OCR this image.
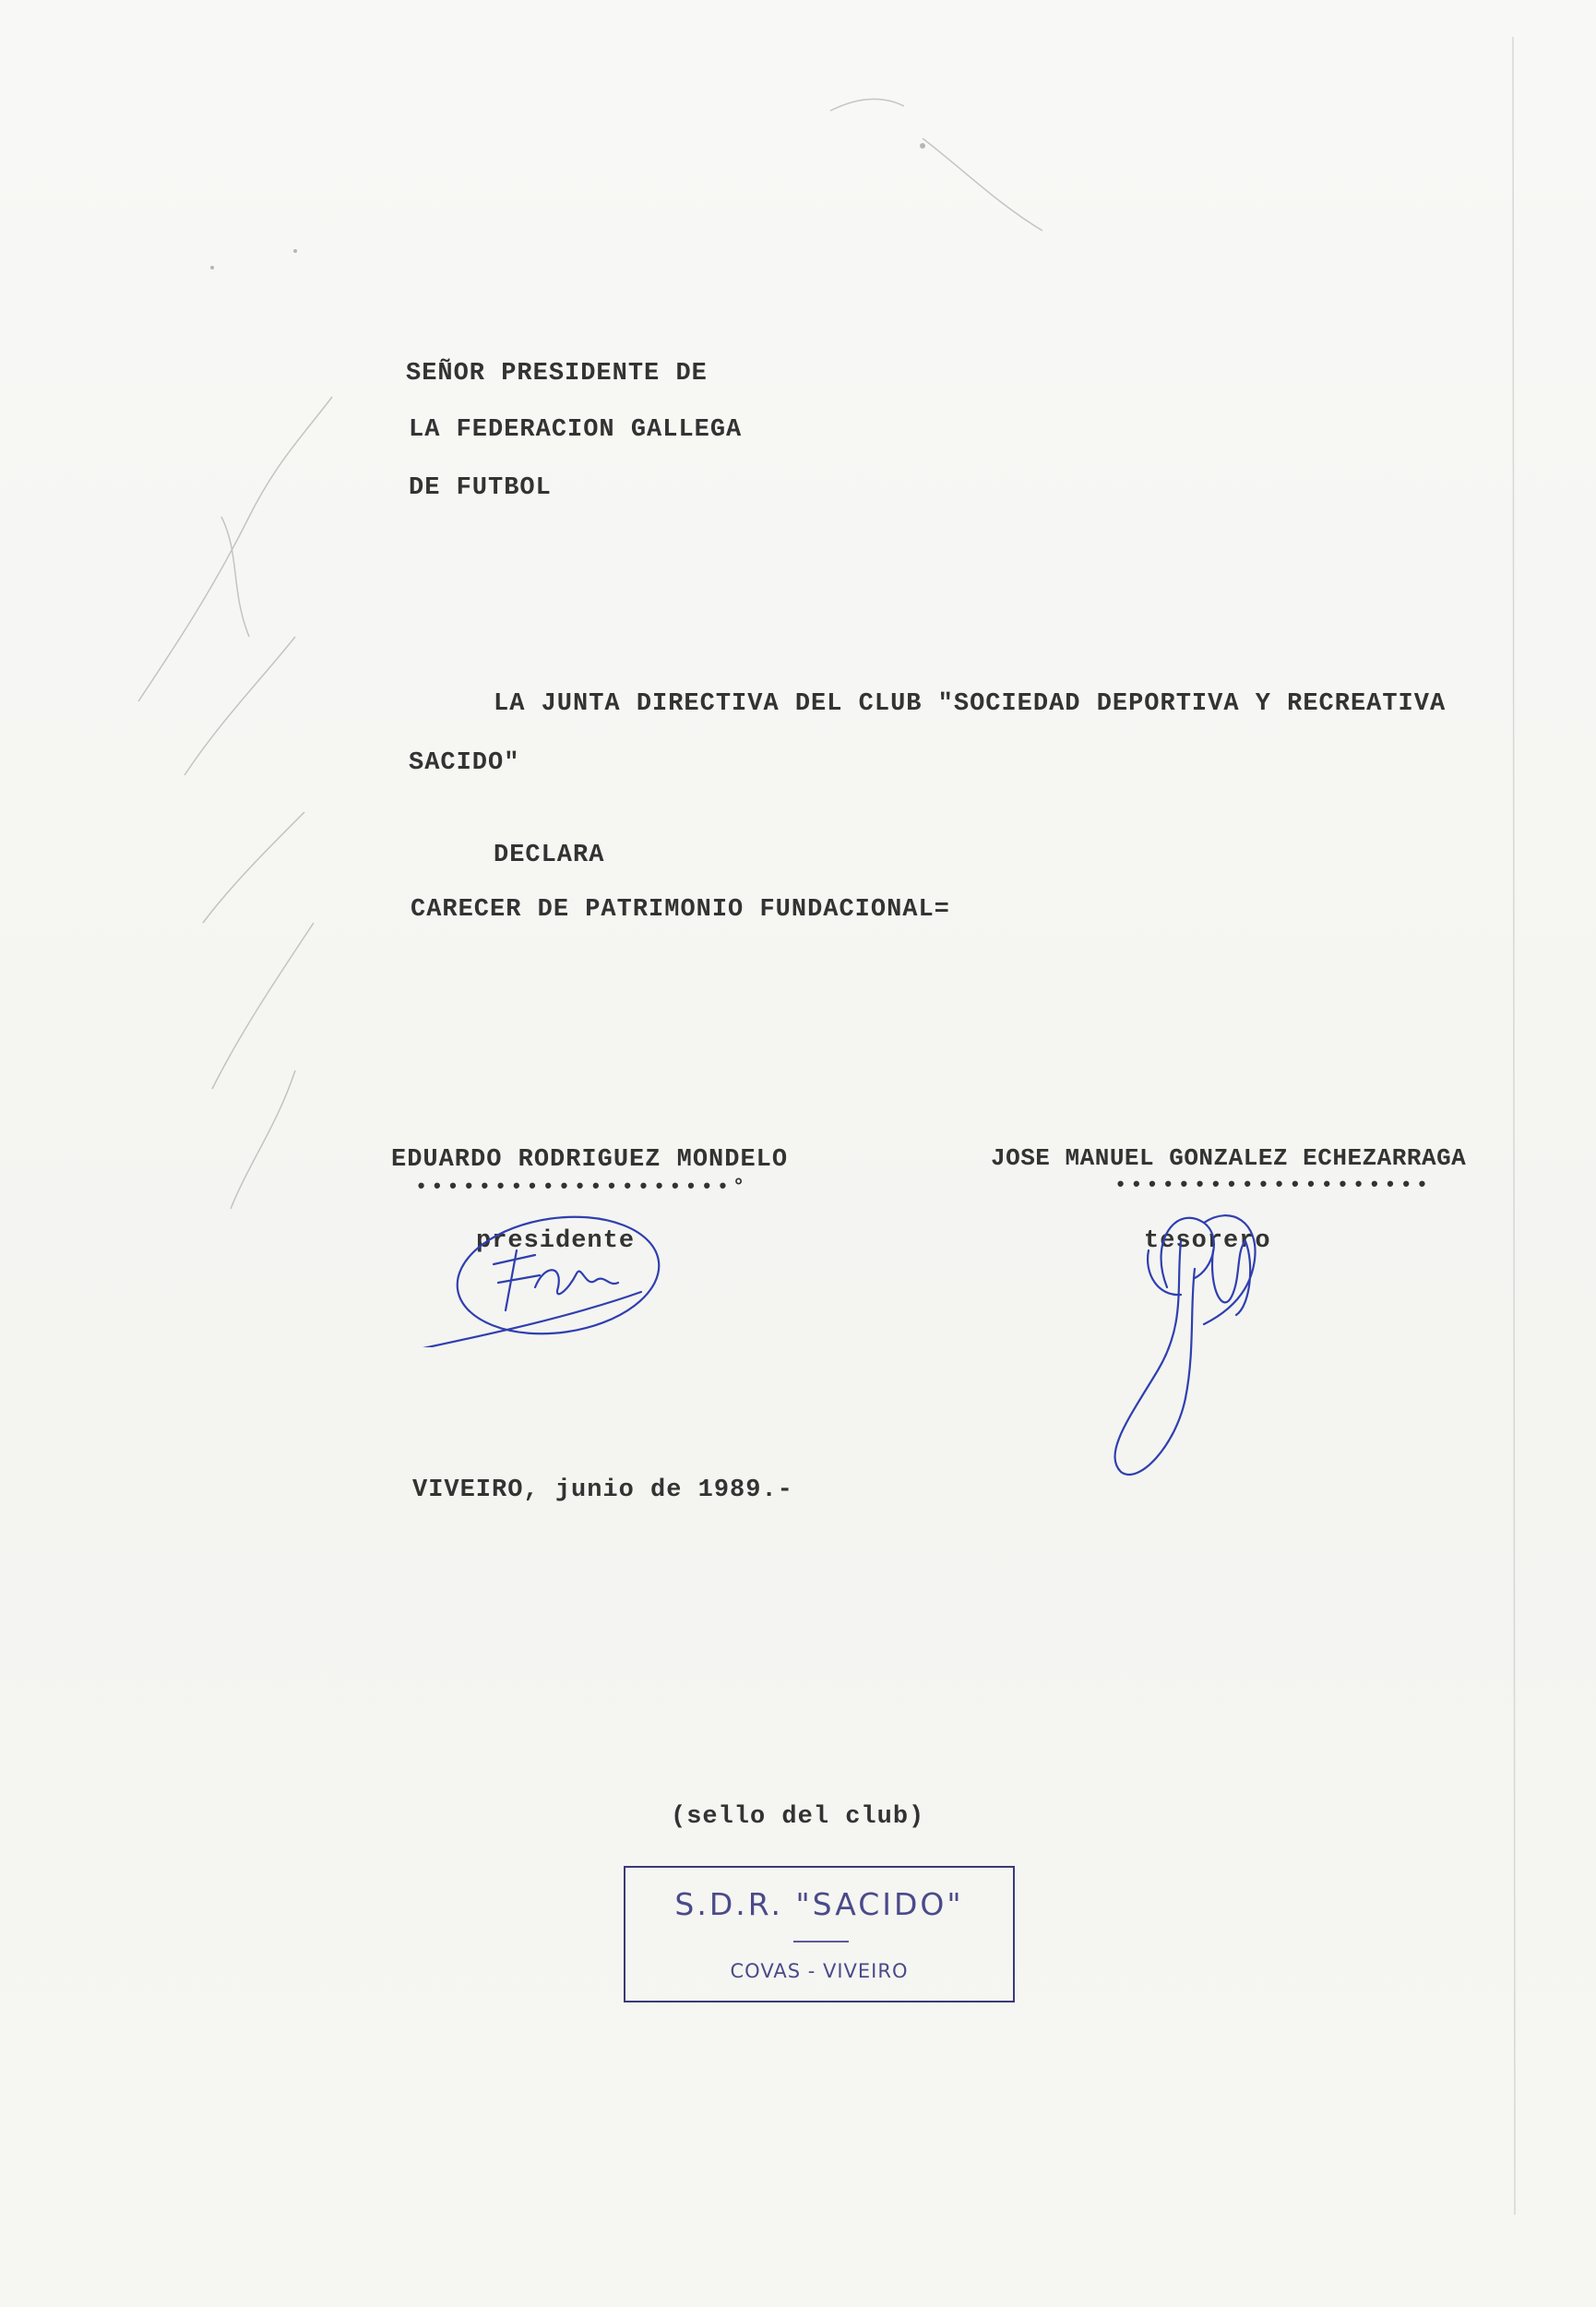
SEÑOR PRESIDENTE DE
LA FEDERACION GALLEGA
DE FUTBOL
LA JUNTA DIRECTIVA DEL CLUB "SOCIEDAD DEPORTIVA Y RECREATIVA
SACIDO"
DECLARA
CARECER DE PATRIMONIO FUNDACIONAL=
EDUARDO RODRIGUEZ MONDELO
••••••••••••••••••••°
presidente
JOSE MANUEL GONZALEZ ECHEZARRAGA
••••••••••••••••••••
tesorero
VIVEIRO, junio de 1989.-
(sello del club)
S.D.R. "SACIDO"
COVAS - VIVEIRO
